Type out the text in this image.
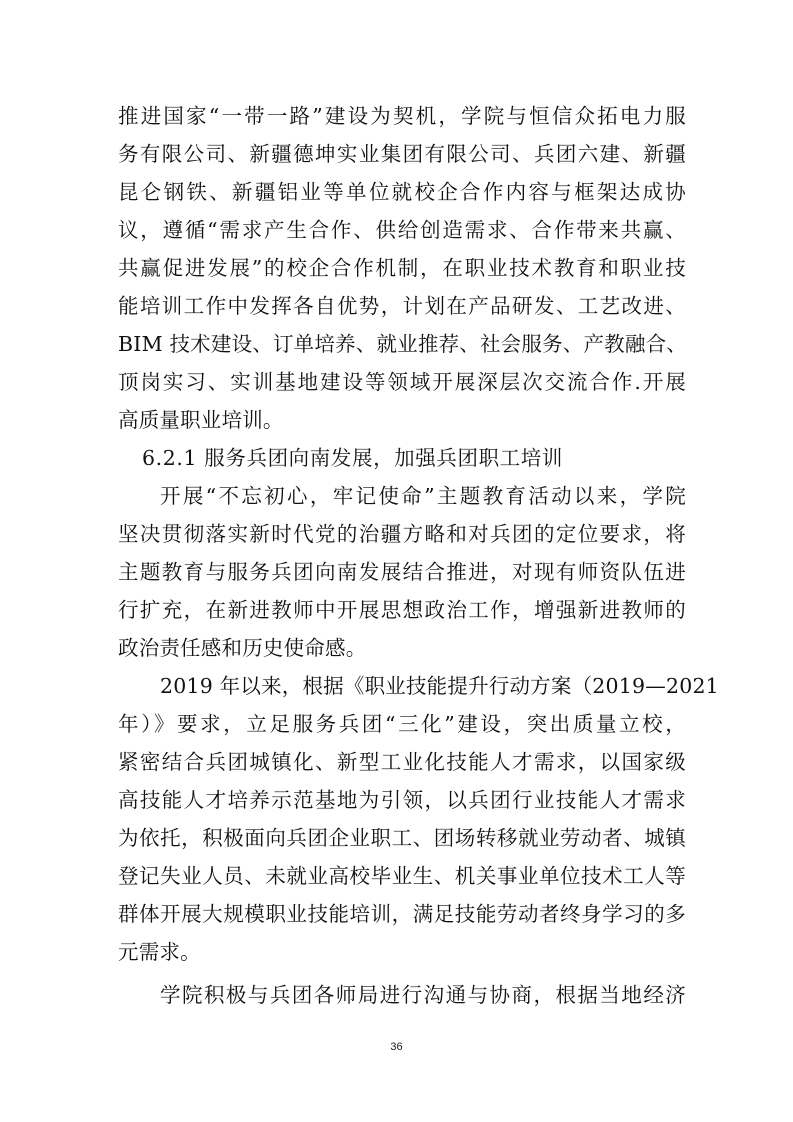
推进国家“一带一路”建设为契机，学院与恒信众拓电力服
务有限公司、新疆德坤实业集团有限公司、兵团六建、新疆
昆仑钢铁、新疆铝业等单位就校企合作内容与框架达成协
议，遵循“需求产生合作、供给创造需求、合作带来共赢、
共赢促进发展”的校企合作机制，在职业技术教育和职业技
能培训工作中发挥各自优势，计划在产品研发、工艺改进、
BIM 技术建设、订单培养、就业推荐、社会服务、产教融合、
顶岗实习、实训基地建设等领域开展深层次交流合作.开展
高质量职业培训。
6.2.1 服务兵团向南发展，加强兵团职工培训
开展“不忘初心，牢记使命”主题教育活动以来，学院
坚决贯彻落实新时代党的治疆方略和对兵团的定位要求，将
主题教育与服务兵团向南发展结合推进，对现有师资队伍进
行扩充，在新进教师中开展思想政治工作，增强新进教师的
政治责任感和历史使命感。
2019 年以来，根据《职业技能提升行动方案（2019—2021
年）》要求，立足服务兵团“三化”建设，突出质量立校，
紧密结合兵团城镇化、新型工业化技能人才需求，以国家级
高技能人才培养示范基地为引领，以兵团行业技能人才需求
为依托，积极面向兵团企业职工、团场转移就业劳动者、城镇
登记失业人员、未就业高校毕业生、机关事业单位技术工人等
群体开展大规模职业技能培训，满足技能劳动者终身学习的多
元需求。
学院积极与兵团各师局进行沟通与协商，根据当地经济
36
